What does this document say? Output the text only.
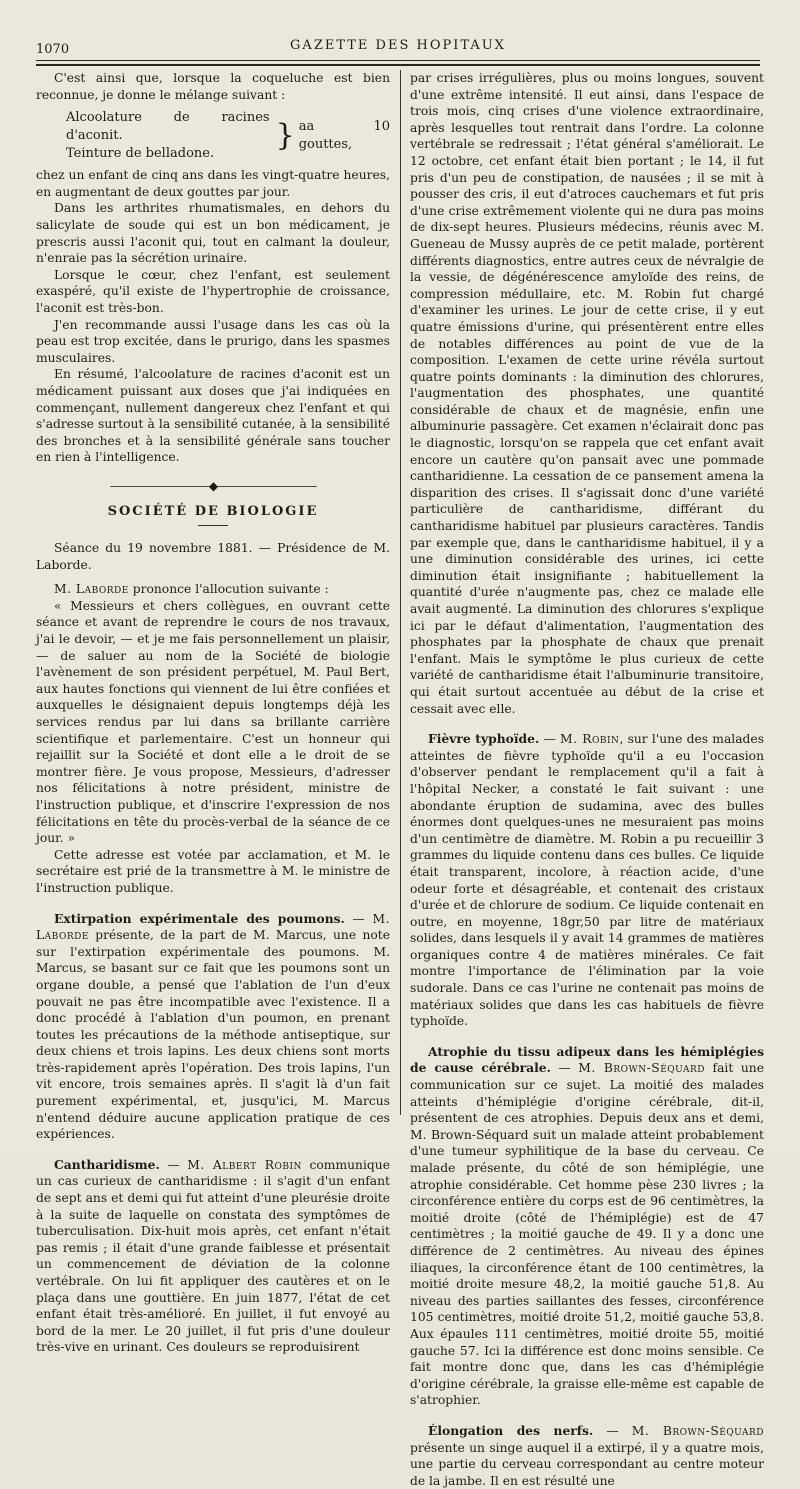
1070	GAZETTE DES HOPITAUX

C'est ainsi que, lorsque la coqueluche est bien reconnue, je donne le mélange suivant :

Alcoolature de racines d'aconit.
Teinture de belladone.
} aa 10 gouttes,

chez un enfant de cinq ans dans les vingt-quatre heures, en augmentant de deux gouttes par jour.

Dans les arthrites rhumatismales, en dehors du salicylate de soude qui est un bon médicament, je prescris aussi l'aconit qui, tout en calmant la douleur, n'enraie pas la sécrétion urinaire.

Lorsque le cœur, chez l'enfant, est seulement exaspéré, qu'il existe de l'hypertrophie de croissance, l'aconit est très-bon.

J'en recommande aussi l'usage dans les cas où la peau est trop excitée, dans le prurigo, dans les spasmes musculaires.

En résumé, l'alcoolature de racines d'aconit est un médicament puissant aux doses que j'ai indiquées en commençant, nullement dangereux chez l'enfant et qui s'adresse surtout à la sensibilité cutanée, à la sensibilité des bronches et à la sensibilité générale sans toucher en rien à l'intelligence.

—————————◆—————————
SOCIÉTÉ DE BIOLOGIE

Séance du 19 novembre 1881. — Présidence de M. Laborde.

M. Laborde prononce l'allocution suivante :

« Messieurs et chers collègues, en ouvrant cette séance et avant de reprendre le cours de nos travaux, j'ai le devoir, — et je me fais personnellement un plaisir, — de saluer au nom de la Société de biologie l'avènement de son président perpétuel, M. Paul Bert, aux hautes fonctions qui viennent de lui être confiées et auxquelles le désignaient depuis longtemps déjà les services rendus par lui dans sa brillante carrière scientifique et parlementaire. C'est un honneur qui rejaillit sur la Société et dont elle a le droit de se montrer fière. Je vous propose, Messieurs, d'adresser nos félicitations à notre président, ministre de l'instruction publique, et d'inscrire l'expression de nos félicitations en tête du procès-verbal de la séance de ce jour. »

Cette adresse est votée par acclamation, et M. le secrétaire est prié de la transmettre à M. le ministre de l'instruction publique.

Extirpation expérimentale des poumons. — M. Laborde présente, de la part de M. Marcus, une note sur l'extirpation expérimentale des poumons. M. Marcus, se basant sur ce fait que les poumons sont un organe double, a pensé que l'ablation de l'un d'eux pouvait ne pas être incompatible avec l'existence. Il a donc procédé à l'ablation d'un poumon, en prenant toutes les précautions de la méthode antiseptique, sur deux chiens et trois lapins. Les deux chiens sont morts très-rapidement après l'opération. Des trois lapins, l'un vit encore, trois semaines après. Il s'agit là d'un fait purement expérimental, et, jusqu'ici, M. Marcus n'entend déduire aucune application pratique de ces expériences.

Cantharidisme. — M. Albert Robin communique un cas curieux de cantharidisme : il s'agit d'un enfant de sept ans et demi qui fut atteint d'une pleurésie droite à la suite de laquelle on constata des symptômes de tuberculisation. Dix-huit mois après, cet enfant n'était pas remis ; il était d'une grande faiblesse et présentait un commencement de déviation de la colonne vertébrale. On lui fit appliquer des cautères et on le plaça dans une gouttière. En juin 1877, l'état de cet enfant était très-amélioré. En juillet, il fut envoyé au bord de la mer. Le 20 juillet, il fut pris d'une douleur très-vive en urinant. Ces douleurs se reproduisirent

par crises irrégulières, plus ou moins longues, souvent d'une extrême intensité. Il eut ainsi, dans l'espace de trois mois, cinq crises d'une violence extraordinaire, après lesquelles tout rentrait dans l'ordre. La colonne vertébrale se redressait ; l'état général s'améliorait. Le 12 octobre, cet enfant était bien portant ; le 14, il fut pris d'un peu de constipation, de nausées ; il se mit à pousser des cris, il eut d'atroces cauchemars et fut pris d'une crise extrêmement violente qui ne dura pas moins de dix-sept heures. Plusieurs médecins, réunis avec M. Gueneau de Mussy auprès de ce petit malade, portèrent différents diagnostics, entre autres ceux de névralgie de la vessie, de dégénérescence amyloïde des reins, de compression médullaire, etc. M. Robin fut chargé d'examiner les urines. Le jour de cette crise, il y eut quatre émissions d'urine, qui présentèrent entre elles de notables différences au point de vue de la composition. L'examen de cette urine révéla surtout quatre points dominants : la diminution des chlorures, l'augmentation des phosphates, une quantité considérable de chaux et de magnésie, enfin une albuminurie passagère. Cet examen n'éclairait donc pas le diagnostic, lorsqu'on se rappela que cet enfant avait encore un cautère qu'on pansait avec une pommade cantharidienne. La cessation de ce pansement amena la disparition des crises. Il s'agissait donc d'une variété particulière de cantharidisme, différant du cantharidisme habituel par plusieurs caractères. Tandis par exemple que, dans le cantharidisme habituel, il y a une diminution considérable des urines, ici cette diminution était insignifiante ; habituellement la quantité d'urée n'augmente pas, chez ce malade elle avait augmenté. La diminution des chlorures s'explique ici par le défaut d'alimentation, l'augmentation des phosphates par la phosphate de chaux que prenait l'enfant. Mais le symptôme le plus curieux de cette variété de cantharidisme était l'albuminurie transitoire, qui était surtout accentuée au début de la crise et cessait avec elle.

Fièvre typhoïde. — M. Robin, sur l'une des malades atteintes de fièvre typhoïde qu'il a eu l'occasion d'observer pendant le remplacement qu'il a fait à l'hôpital Necker, a constaté le fait suivant : une abondante éruption de sudamina, avec des bulles énormes dont quelques-unes ne mesuraient pas moins d'un centimètre de diamètre. M. Robin a pu recueillir 3 grammes du liquide contenu dans ces bulles. Ce liquide était transparent, incolore, à réaction acide, d'une odeur forte et désagréable, et contenait des cristaux d'urée et de chlorure de sodium. Ce liquide contenait en outre, en moyenne, 18gr,50 par litre de matériaux solides, dans lesquels il y avait 14 grammes de matières organiques contre 4 de matières minérales. Ce fait montre l'importance de l'élimination par la voie sudorale. Dans ce cas l'urine ne contenait pas moins de matériaux solides que dans les cas habituels de fièvre typhoïde.

Atrophie du tissu adipeux dans les hémiplégies de cause cérébrale. — M. Brown-Séquard fait une communication sur ce sujet. La moitié des malades atteints d'hémiplégie d'origine cérébrale, dit-il, présentent de ces atrophies. Depuis deux ans et demi, M. Brown-Séquard suit un malade atteint probablement d'une tumeur syphilitique de la base du cerveau. Ce malade présente, du côté de son hémiplégie, une atrophie considérable. Cet homme pèse 230 livres ; la circonférence entière du corps est de 96 centimètres, la moitié droite (côté de l'hémiplégie) est de 47 centimètres ; la moitié gauche de 49. Il y a donc une différence de 2 centimètres. Au niveau des épines iliaques, la circonférence étant de 100 centimètres, la moitié droite mesure 48,2, la moitié gauche 51,8. Au niveau des parties saillantes des fesses, circonférence 105 centimètres, moitié droite 51,2, moitié gauche 53,8. Aux épaules 111 centimètres, moitié droite 55, moitié gauche 57. Ici la différence est donc moins sensible. Ce fait montre donc que, dans les cas d'hémiplégie d'origine cérébrale, la graisse elle-même est capable de s'atrophier.

Élongation des nerfs. — M. Brown-Séquard présente un singe auquel il a extirpé, il y a quatre mois, une partie du cerveau correspondant au centre moteur de la jambe. Il en est résulté une
